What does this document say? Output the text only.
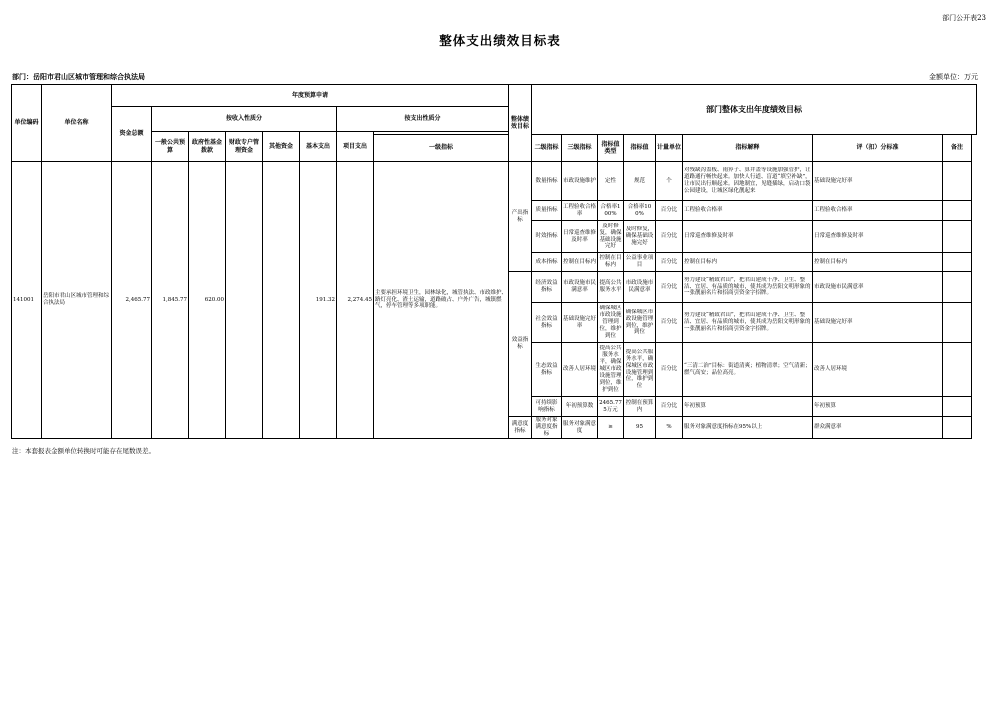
部门公开表23
整体支出绩效目标表
部门：岳阳市君山区城市管理和综合执法局	金额单位：万元
单位编码	单位名称	年度预算申请								整体绩效目标	部门整体支出年度绩效目标							
		资金总额	按收入性质分					按支出性质分										
			一般公共预算	政府性基金拨款	财政专户管理资金	其他资金	基本支出	项目支出										
									一级指标		二级指标	三级指标	指标值类型	指标值	计量单位	指标解释	评（扣）分标准	备注
141001	岳阳市君山区城市管理和综合执法局	2,465.77	1,845.77	620.00			191.32	2,274.45	主要承担环境卫生，园林绿化，城管执法、市政维护、路灯亮化、渣土运输，道路破占、户外广告，城镇燃气，停车管理等多项职能。	产出指标	数量指标	市政设施维护	定性	规范	个	对残缺沟盖板、雨箅子、算井盖等设施加强管护，让道路通行畅快起来。加快人行道、盲道“填空补缺”，让市民出行顺起来。因地制宜，见缝插绿，启动口袋公园建设，让城区绿化靓起来	基础设施完好率	
											质量指标	工程验收合格率	合格率100%	合格率100%	百分比	工程验收合格率	工程验收合格率	
											时效指标	日常巡查维修及时率	及时修复，确保基础设施完好	及时修复，确保基础设施完好	百分比	日常巡查维修及时率	日常巡查维修及时率	
											成本指标	控制在目标内	控制在目标内	公益事业项目	百分比	控制在目标内	控制在目标内	
										效益指标	经济效益指标	市政设施市民满意率	提高公共服务水平	市政设施市民满意率	百分比	努力建设“精致君山”，把君山建成干净、卫生、整洁、宜居、有品质的城市，使其成为岳阳文明形象的一张靓丽名片和招商引资金字招牌。	市政设施市民满意率	
											社会效益指标	基础设施完好率	确保城区市政设施管理到位，维护到位	确保城区市政设施管理到位，维护到位	百分比	努力建设“精致君山”，把君山建成干净、卫生、整洁、宜居、有品质的城市，使其成为岳阳文明形象的一张靓丽名片和招商引资金字招牌。	基础设施完好率	
											生态效益指标	改善人居环境	提高公共服务水平，确保城区市政设施管理到位，维护到位	提高公共服务水平，确保城区市政设施管理到位，维护到位	百分比	“三清二治”目标：街道清爽；植物清翠；空气清新；燃气高安；品位高亮。	改善人居环境	
											可持续影响指标	年初预算数	2465.775万元	控制在预算内	百分比	年初预算	年初预算	
										满意度指标	服务对象满意度指标	服务对象满意度	≥	95	%	服务对象满意度指标在95%以上	群众满意率	
注：本套报表金额单位转换时可能存在尾数误差。
